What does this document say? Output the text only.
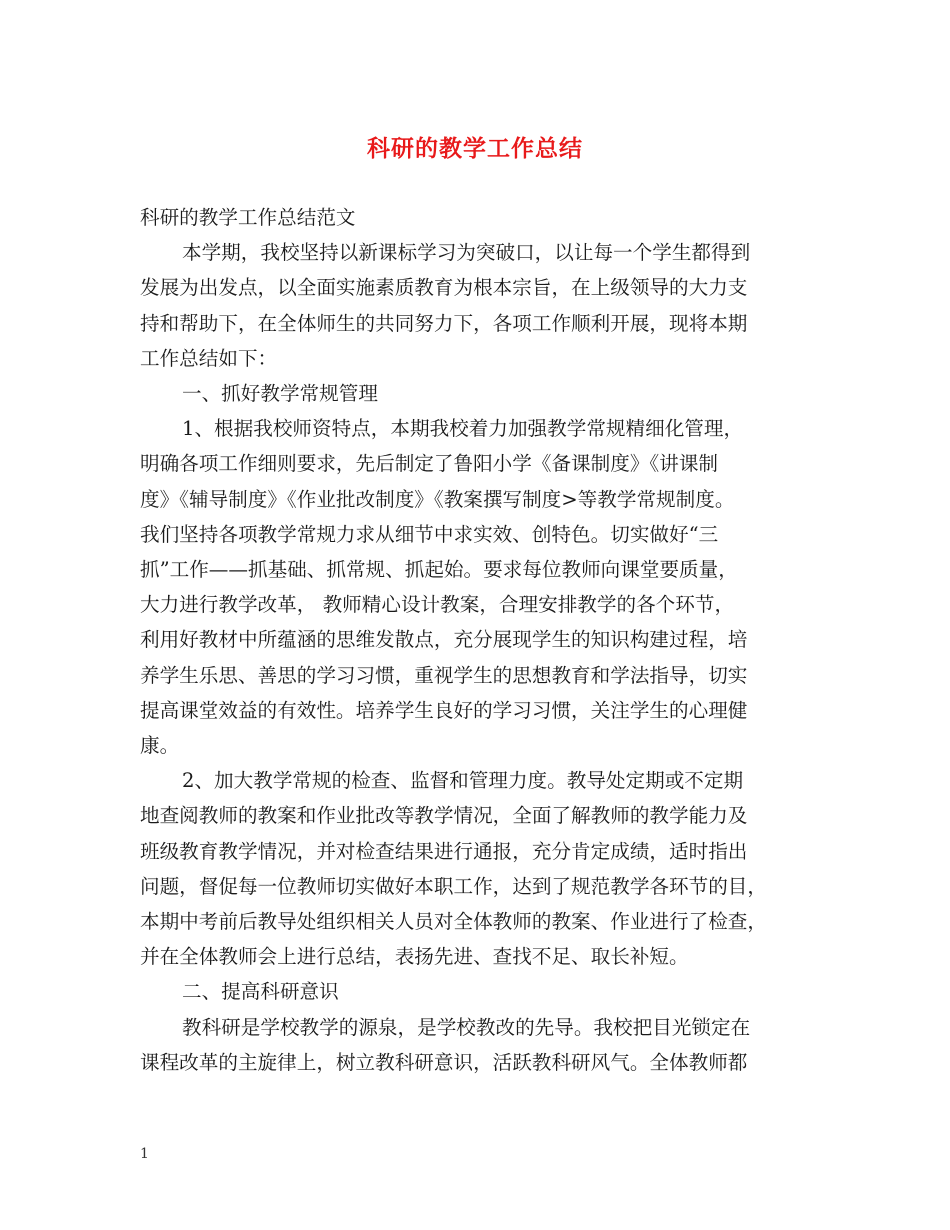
科研的教学工作总结
科研的教学工作总结范文
本学期，我校坚持以新课标学习为突破口，以让每一个学生都得到
发展为出发点，以全面实施素质教育为根本宗旨，在上级领导的大力支
持和帮助下，在全体师生的共同努力下，各项工作顺利开展，现将本期
工作总结如下：
一、抓好教学常规管理
1、根据我校师资特点，本期我校着力加强教学常规精细化管理，
明确各项工作细则要求，先后制定了鲁阳小学《备课制度》《讲课制
度》《辅导制度》《作业批改制度》《教案撰写制度>等教学常规制度。
我们坚持各项教学常规力求从细节中求实效、创特色。切实做好“三
抓”工作——抓基础、抓常规、抓起始。要求每位教师向课堂要质量，
大力进行教学改革， 教师精心设计教案，合理安排教学的各个环节，
利用好教材中所蕴涵的思维发散点，充分展现学生的知识构建过程，培
养学生乐思、善思的学习习惯，重视学生的思想教育和学法指导，切实
提高课堂效益的有效性。培养学生良好的学习习惯，关注学生的心理健
康。
2、加大教学常规的检查、监督和管理力度。教导处定期或不定期
地查阅教师的教案和作业批改等教学情况，全面了解教师的教学能力及
班级教育教学情况，并对检查结果进行通报，充分肯定成绩，适时指出
问题，督促每一位教师切实做好本职工作，达到了规范教学各环节的目，
本期中考前后教导处组织相关人员对全体教师的教案、作业进行了检查，
并在全体教师会上进行总结，表扬先进、查找不足、取长补短。
二、提高科研意识
教科研是学校教学的源泉，是学校教改的先导。我校把目光锁定在
课程改革的主旋律上，树立教科研意识，活跃教科研风气。全体教师都
1
